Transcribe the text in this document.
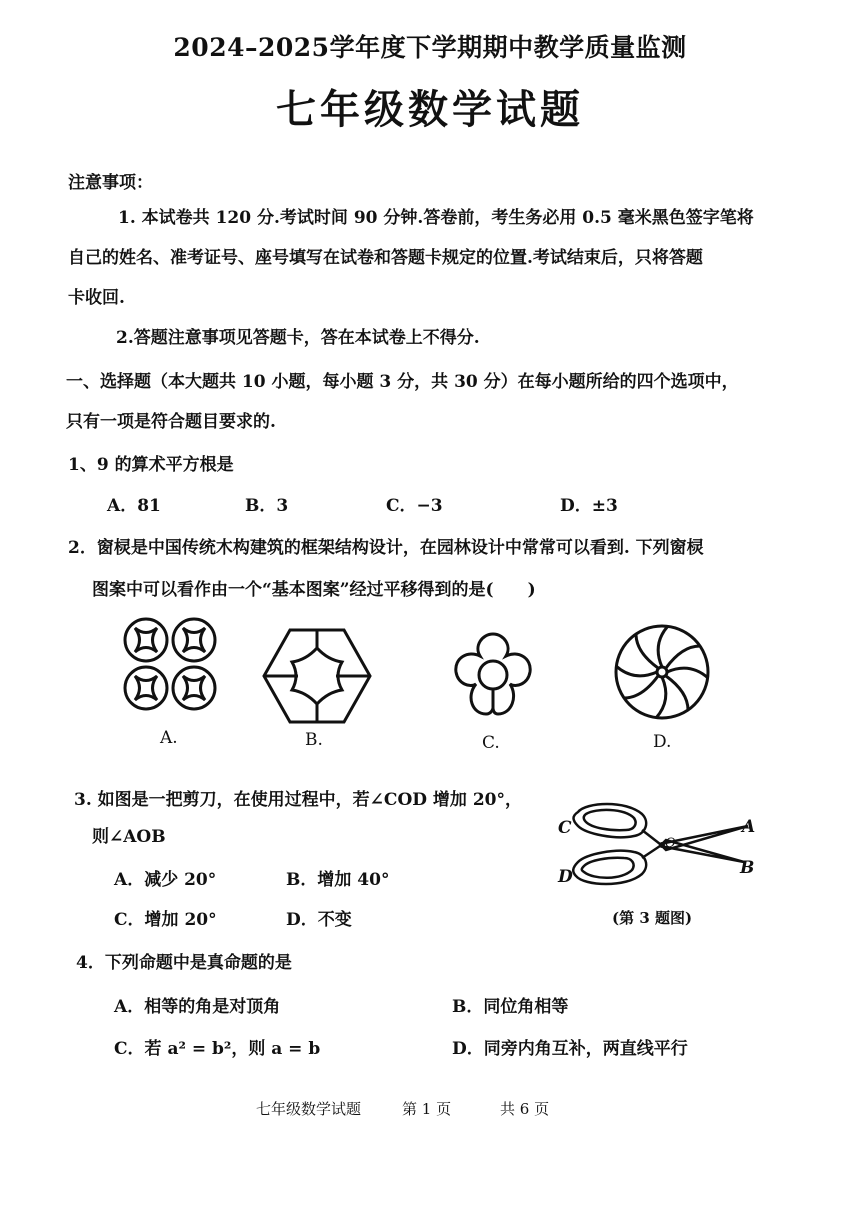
2024–2025学年度下学期期中教学质量监测
七年级数学试题
注意事项：
1. 本试卷共 120 分.考试时间 90 分钟.答卷前，考生务必用 0.5 毫米黑色签字笔将
自己的姓名、准考证号、座号填写在试卷和答题卡规定的位置.考试结束后，只将答题
卡收回.
2.答题注意事项见答题卡，答在本试卷上不得分.
一、选择题（本大题共 10 小题，每小题 3 分，共 30 分）在每小题所给的四个选项中，
只有一项是符合题目要求的.
1、9 的算术平方根是
A．81	B．3	C．−3	D．±3
2．窗棂是中国传统木构建筑的框架结构设计，在园林设计中常常可以看到. 下列窗棂
图案中可以看作由一个“基本图案”经过平移得到的是(　　)
A.	B.	C.	D.
3. 如图是一把剪刀，在使用过程中，若∠COD 增加 20°，
则∠AOB
A．减少 20°	B．增加 40°
C．增加 20°	D．不变
C	A
D	B
O
(第 3 题图)
4．下列命题中是真命题的是
A．相等的角是对顶角	B．同位角相等
C．若 a² = b²，则 a = b	D．同旁内角互补，两直线平行
七年级数学试题	第 1 页	共 6 页
